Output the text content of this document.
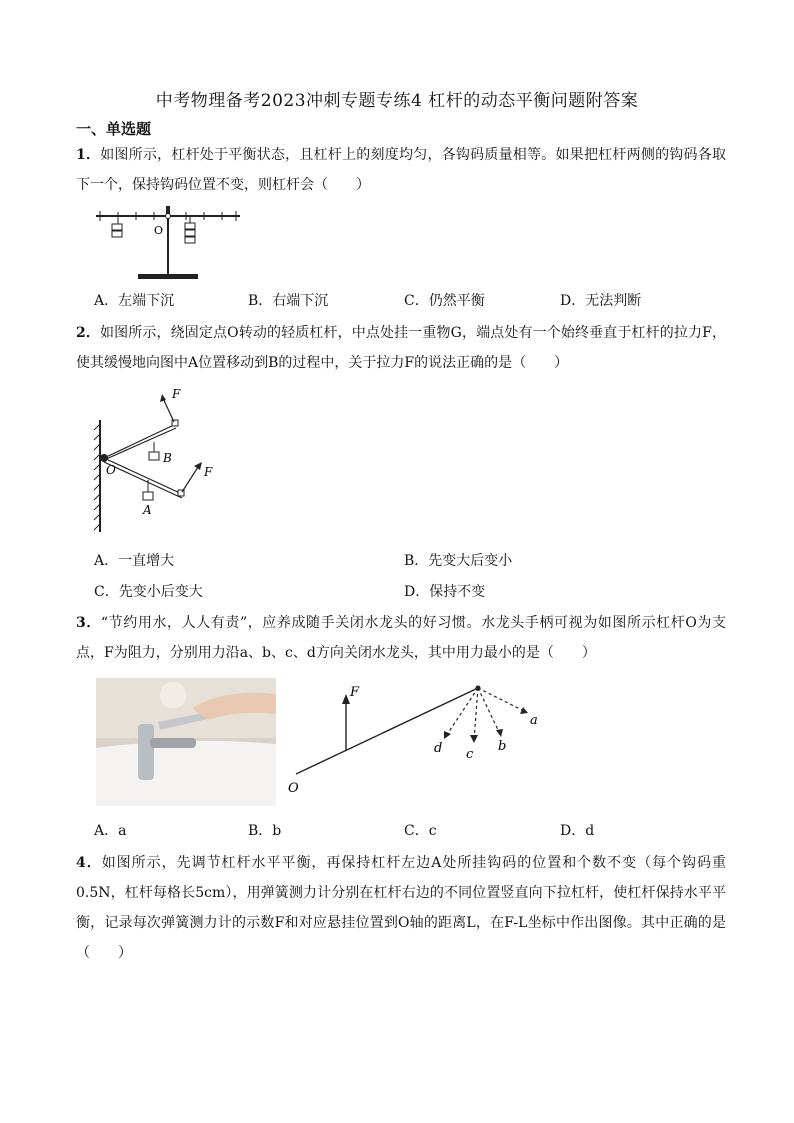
中考物理备考2023冲刺专题专练4 杠杆的动态平衡问题附答案
一、单选题
1．如图所示，杠杆处于平衡状态，且杠杆上的刻度均匀，各钩码质量相等。如果把杠杆两侧的钩码各取下一个，保持钩码位置不变，则杠杆会（　　）
O
A．左端下沉	B．右端下沉	C．仍然平衡	D．无法判断
2．如图所示，绕固定点O转动的轻质杠杆，中点处挂一重物G，端点处有一个始终垂直于杠杆的拉力F，使其缓慢地向图中A位置移动到B的过程中，关于拉力F的说法正确的是（　　）
F
F
O
B
A
A．一直增大	B．先变大后变小
C．先变小后变大	D．保持不变
3．“节约用水，人人有责”，应养成随手关闭水龙头的好习惯。水龙头手柄可视为如图所示杠杆O为支点，F为阻力，分别用力沿a、b、c、d方向关闭水龙头，其中用力最小的是（　　）
F
a
b
c
d
O
A．a	B．b	C．c	D．d
4．如图所示，先调节杠杆水平平衡，再保持杠杆左边A处所挂钩码的位置和个数不变（每个钩码重0.5N，杠杆每格长5cm），用弹簧测力计分别在杠杆右边的不同位置竖直向下拉杠杆，使杠杆保持水平平衡，记录每次弹簧测力计的示数F和对应悬挂位置到O轴的距离L，在F-L坐标中作出图像。其中正确的是（　　）
